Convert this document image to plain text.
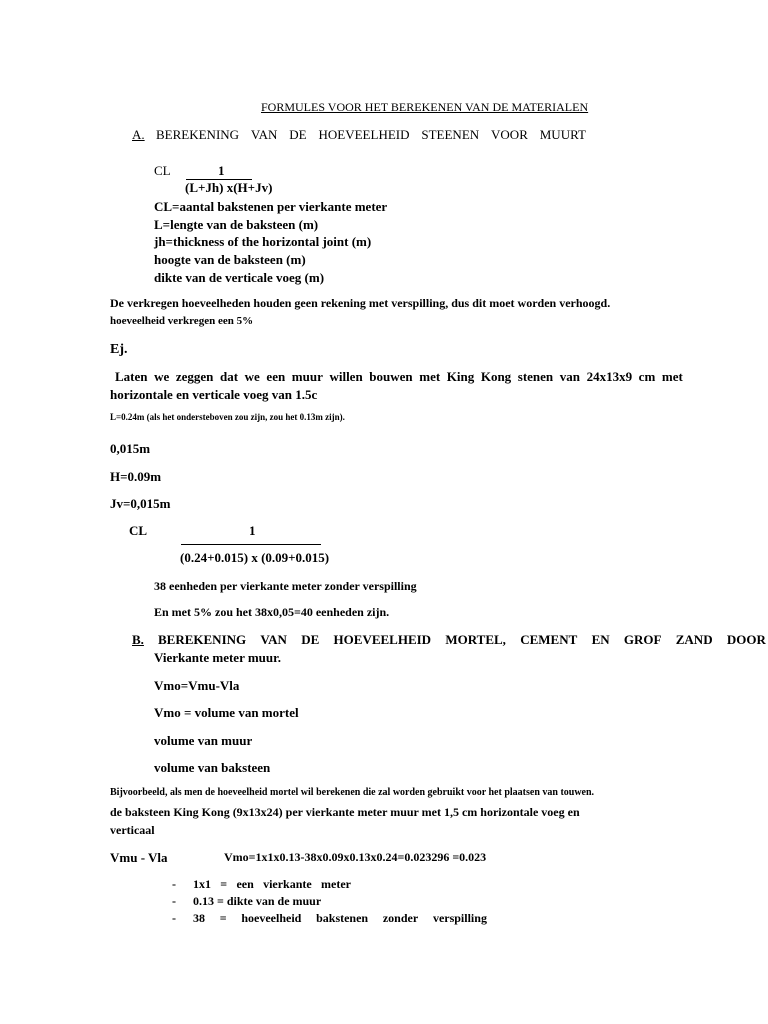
FORMULES VOOR HET BEREKENEN VAN DE MATERIALEN
A. BEREKENING VAN DE HOEVEELHEID STEENEN VOOR MUURT
CL	1
(L+Jh) x(H+Jv)
CL=aantal bakstenen per vierkante meter
L=lengte van de baksteen (m)
jh=thickness of the horizontal joint (m)
hoogte van de baksteen (m)
dikte van de verticale voeg (m)
De verkregen hoeveelheden houden geen rekening met verspilling, dus dit moet worden verhoogd.
hoeveelheid verkregen een 5%
Ej.
Laten we zeggen dat we een muur willen bouwen met King Kong stenen van 24x13x9 cm met
horizontale en verticale voeg van 1.5c
L=0.24m (als het ondersteboven zou zijn, zou het 0.13m zijn).
0,015m
H=0.09m
Jv=0,015m
CL	1
(0.24+0.015) x (0.09+0.015)
38 eenheden per vierkante meter zonder verspilling
En met 5% zou het 38x0,05=40 eenheden zijn.
B. BEREKENING VAN DE HOEVEELHEID MORTEL, CEMENT EN GROF ZAND DOOR
Vierkante meter muur.
Vmo=Vmu-Vla
Vmo = volume van mortel
volume van muur
volume van baksteen
Bijvoorbeeld, als men de hoeveelheid mortel wil berekenen die zal worden gebruikt voor het plaatsen van touwen.
de baksteen King Kong (9x13x24) per vierkante meter muur met 1,5 cm horizontale voeg en
verticaal
Vmu - Vla	Vmo=1x1x0.13-38x0.09x0.13x0.24=0.023296 =0.023
- 1x1 = een vierkante meter
- 0.13 = dikte van de muur
- 38 = hoeveelheid bakstenen zonder verspilling
